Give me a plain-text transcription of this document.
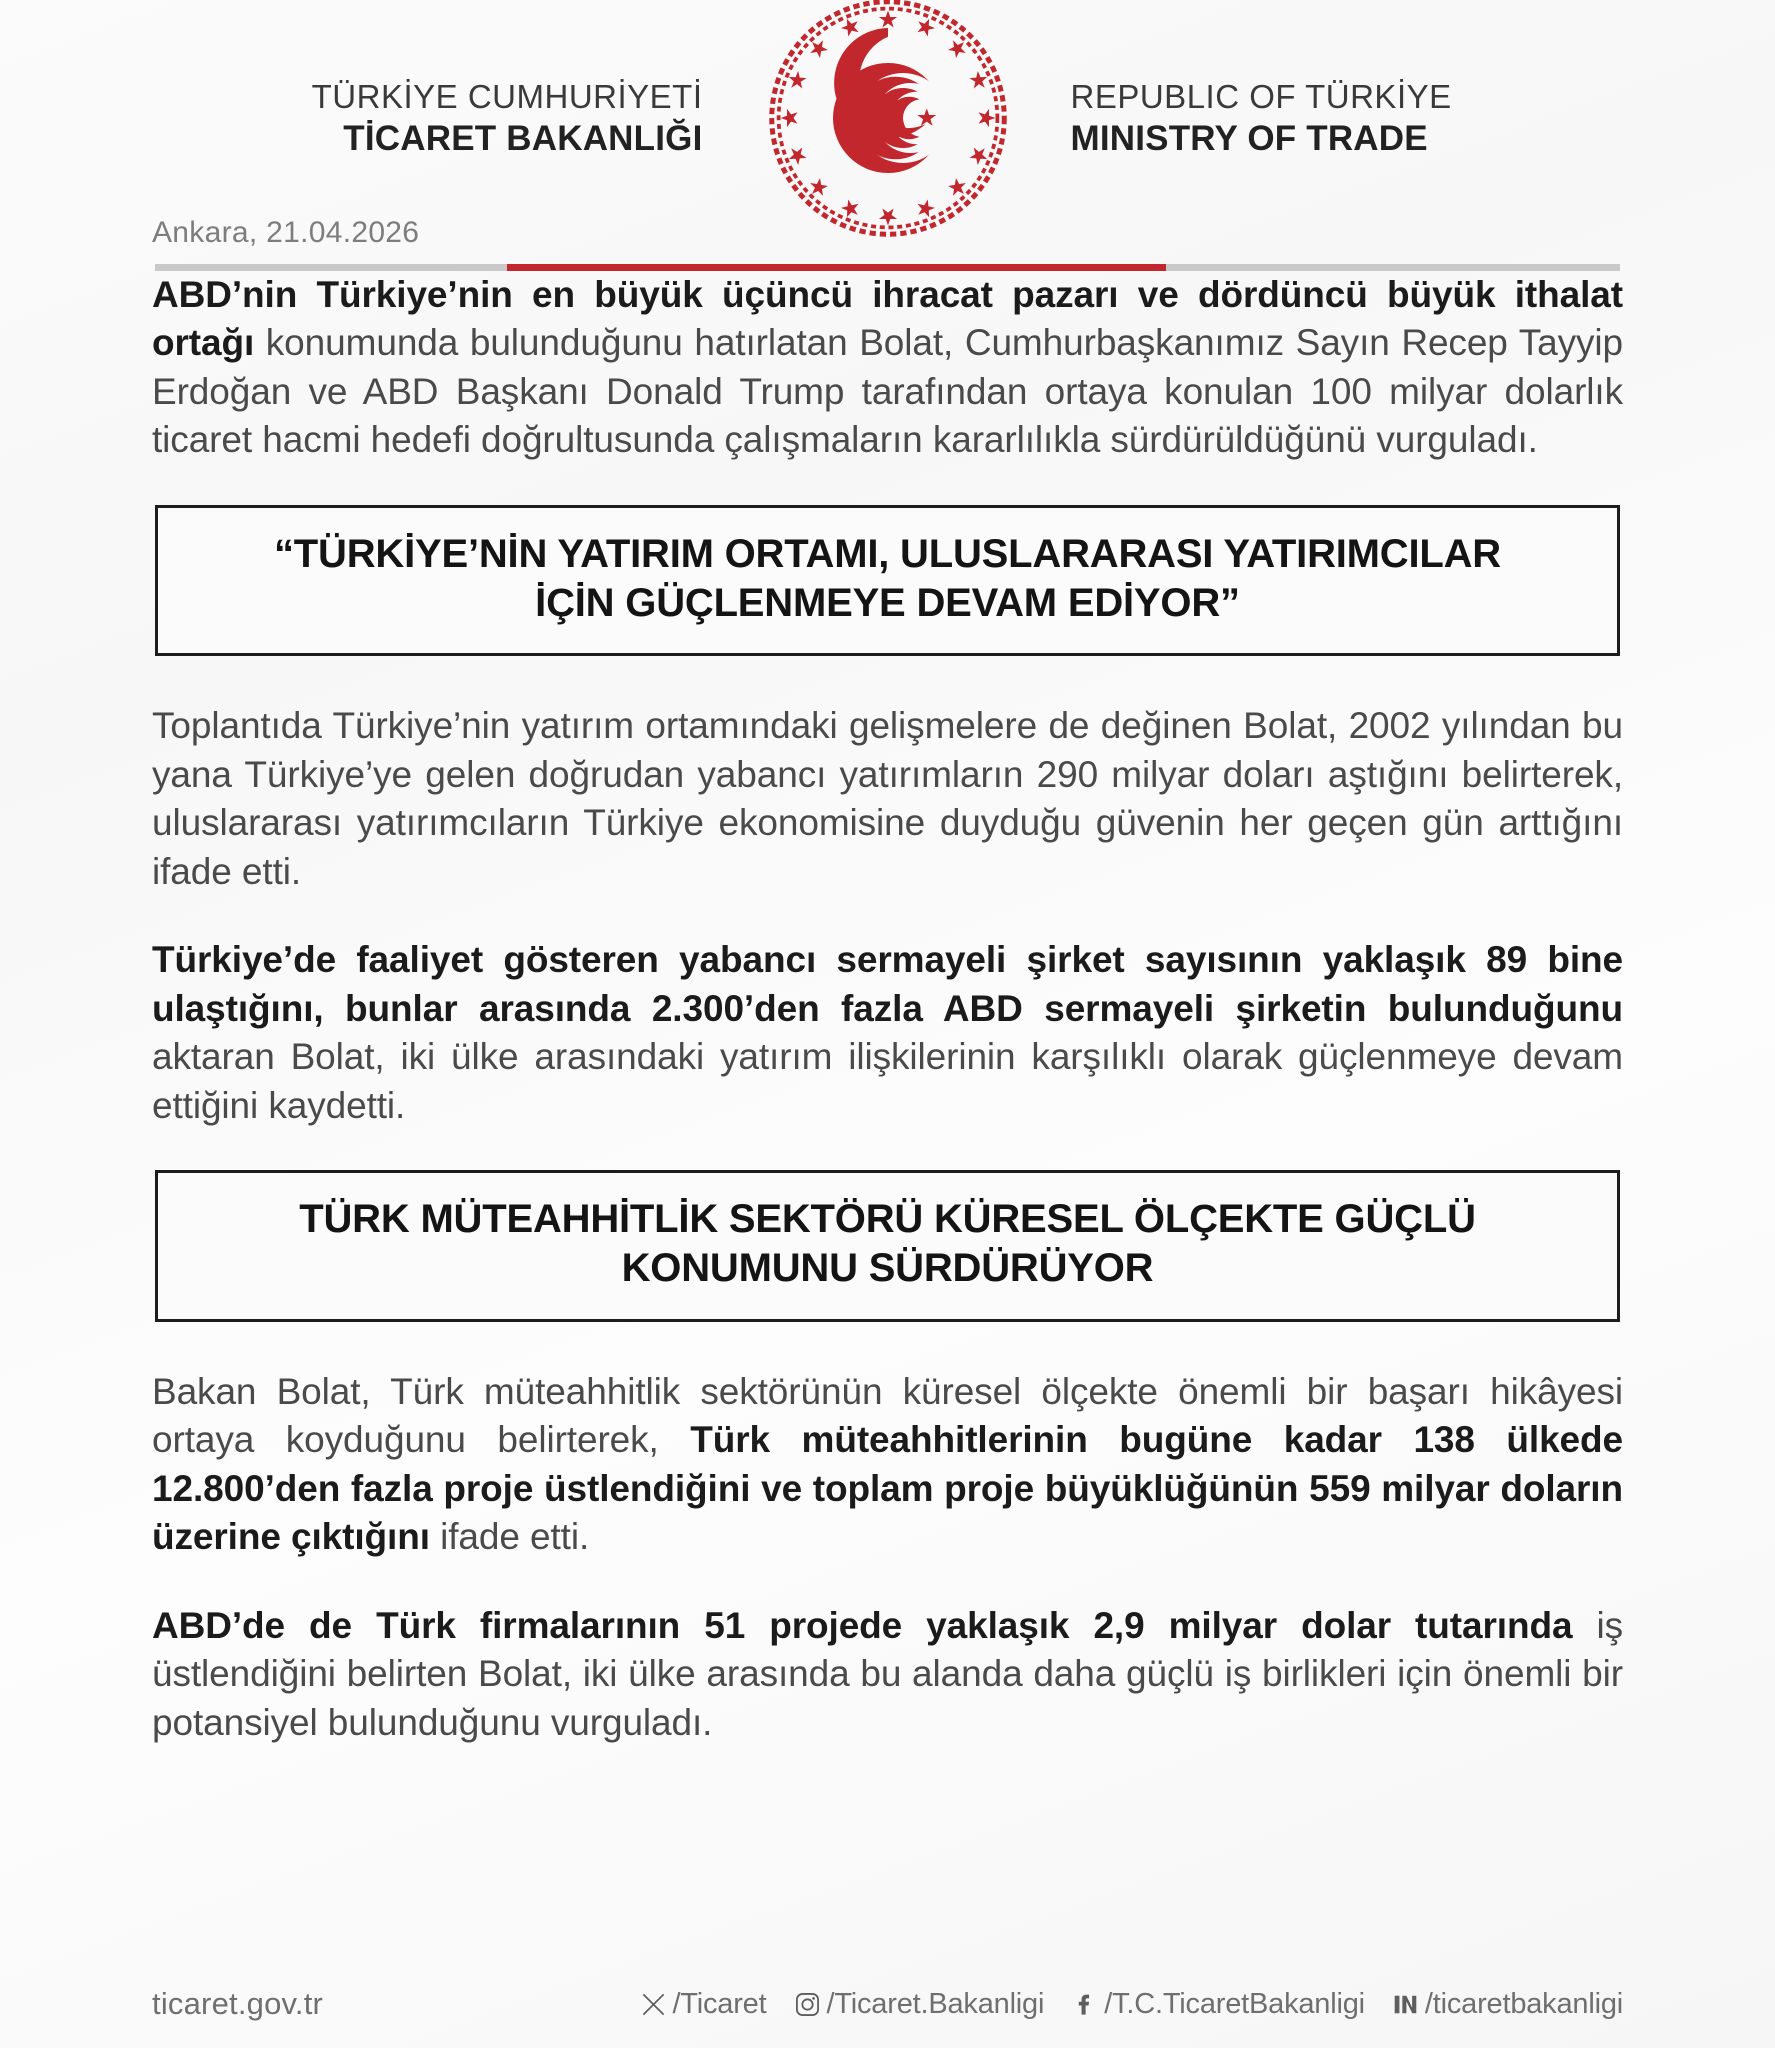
TÜRKİYE CUMHURİYETİ
TİCARET BAKANLIĞI
REPUBLIC OF TÜRKİYE
MINISTRY OF TRADE
Ankara, 21.04.2026

ABD’nin Türkiye’nin en büyük üçüncü ihracat pazarı ve dördüncü büyük ithalat ortağı konumunda bulunduğunu hatırlatan Bolat, Cumhurbaşkanımız Sayın Recep Tayyip Erdoğan ve ABD Başkanı Donald Trump tarafından ortaya konulan 100 milyar dolarlık ticaret hacmi hedefi doğrultusunda çalışmaların kararlılıkla sürdürüldüğünü vurguladı.

“TÜRKİYE’NİN YATIRIM ORTAMI, ULUSLARARASI YATIRIMCILAR
İÇİN GÜÇLENMEYE DEVAM EDİYOR”

Toplantıda Türkiye’nin yatırım ortamındaki gelişmelere de değinen Bolat, 2002 yılından bu yana Türkiye’ye gelen doğrudan yabancı yatırımların 290 milyar doları aştığını belirterek, uluslararası yatırımcıların Türkiye ekonomisine duyduğu güvenin her geçen gün arttığını ifade etti.

Türkiye’de faaliyet gösteren yabancı sermayeli şirket sayısının yaklaşık 89 bine ulaştığını, bunlar arasında 2.300’den fazla ABD sermayeli şirketin bulunduğunu aktaran Bolat, iki ülke arasındaki yatırım ilişkilerinin karşılıklı olarak güçlenmeye devam ettiğini kaydetti.

TÜRK MÜTEAHHİTLİK SEKTÖRÜ KÜRESEL ÖLÇEKTE GÜÇLÜ
KONUMUNU SÜRDÜRÜYOR

Bakan Bolat, Türk müteahhitlik sektörünün küresel ölçekte önemli bir başarı hikâyesi ortaya koyduğunu belirterek, Türk müteahhitlerinin bugüne kadar 138 ülkede 12.800’den fazla proje üstlendiğini ve toplam proje büyüklüğünün 559 milyar doların üzerine çıktığını ifade etti.

ABD’de de Türk firmalarının 51 projede yaklaşık 2,9 milyar dolar tutarında iş üstlendiğini belirten Bolat, iki ülke arasında bu alanda daha güçlü iş birlikleri için önemli bir potansiyel bulunduğunu vurguladı.

ticaret.gov.tr	/Ticaret /Ticaret.Bakanligi /T.C.TicaretBakanligi /ticaretbakanligi
